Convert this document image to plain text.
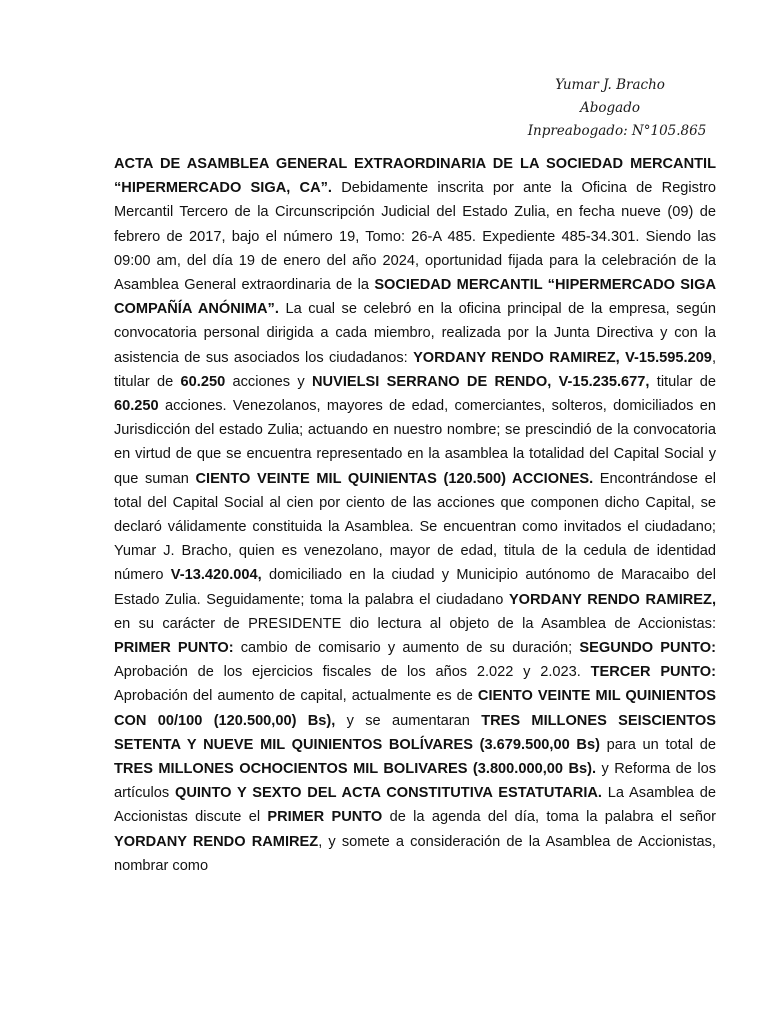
Yumar J. Bracho
Abogado
Inpreabogado: N°105.865

ACTA DE ASAMBLEA GENERAL EXTRAORDINARIA DE LA SOCIEDAD MERCANTIL “HIPERMERCADO SIGA, CA”. Debidamente inscrita por ante la Oficina de Registro Mercantil Tercero de la Circunscripción Judicial del Estado Zulia, en fecha nueve (09) de febrero de 2017, bajo el número 19, Tomo: 26-A 485. Expediente 485-34.301. Siendo las 09:00 am, del día 19 de enero del año 2024, oportunidad fijada para la celebración de la Asamblea General extraordinaria de la SOCIEDAD MERCANTIL “HIPERMERCADO SIGA COMPAÑÍA ANÓNIMA”. La cual se celebró en la oficina principal de la empresa, según convocatoria personal dirigida a cada miembro, realizada por la Junta Directiva y con la asistencia de sus asociados los ciudadanos: YORDANY RENDO RAMIREZ, V-15.595.209, titular de 60.250 acciones y NUVIELSI SERRANO DE RENDO, V-15.235.677, titular de 60.250 acciones. Venezolanos, mayores de edad, comerciantes, solteros, domiciliados en Jurisdicción del estado Zulia; actuando en nuestro nombre; se prescindió de la convocatoria en virtud de que se encuentra representado en la asamblea la totalidad del Capital Social y que suman CIENTO VEINTE MIL QUINIENTAS (120.500) ACCIONES. Encontrándose el total del Capital Social al cien por ciento de las acciones que componen dicho Capital, se declaró válidamente constituida la Asamblea. Se encuentran como invitados el ciudadano; Yumar J. Bracho, quien es venezolano, mayor de edad, titula de la cedula de identidad número V-13.420.004, domiciliado en la ciudad y Municipio autónomo de Maracaibo del Estado Zulia. Seguidamente; toma la palabra el ciudadano YORDANY RENDO RAMIREZ, en su carácter de PRESIDENTE dio lectura al objeto de la Asamblea de Accionistas: PRIMER PUNTO: cambio de comisario y aumento de su duración; SEGUNDO PUNTO: Aprobación de los ejercicios fiscales de los años 2.022 y 2.023. TERCER PUNTO: Aprobación del aumento de capital, actualmente es de CIENTO VEINTE MIL QUINIENTOS CON 00/100 (120.500,00) Bs), y se aumentaran TRES MILLONES SEISCIENTOS SETENTA Y NUEVE MIL QUINIENTOS BOLÍVARES (3.679.500,00 Bs) para un total de TRES MILLONES OCHOCIENTOS MIL BOLIVARES (3.800.000,00 Bs). y Reforma de los artículos QUINTO Y SEXTO DEL ACTA CONSTITUTIVA ESTATUTARIA. La Asamblea de Accionistas discute el PRIMER PUNTO de la agenda del día, toma la palabra el señor YORDANY RENDO RAMIREZ, y somete a consideración de la Asamblea de Accionistas, nombrar como
